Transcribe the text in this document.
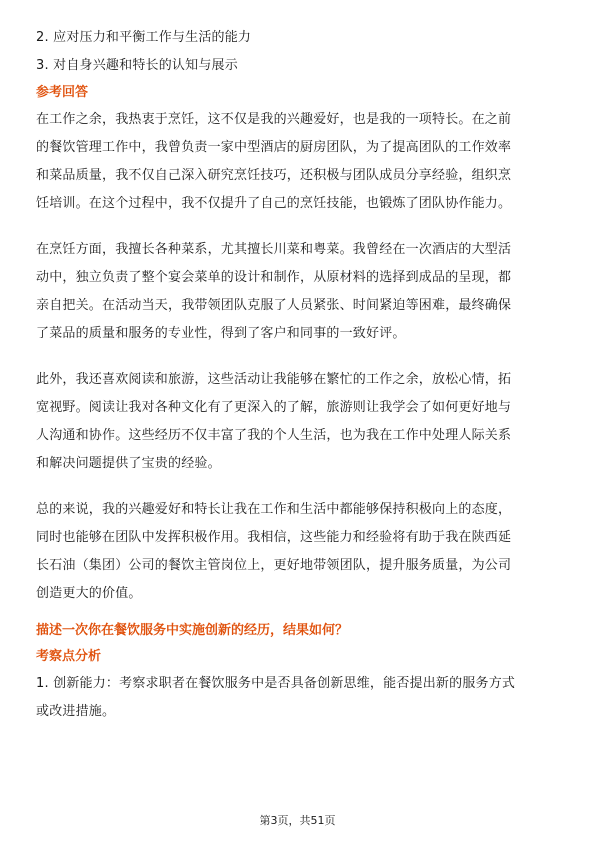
2. 应对压力和平衡工作与生活的能力
3. 对自身兴趣和特长的认知与展示
参考回答
在工作之余，我热衷于烹饪，这不仅是我的兴趣爱好，也是我的一项特长。在之前
的餐饮管理工作中，我曾负责一家中型酒店的厨房团队，为了提高团队的工作效率
和菜品质量，我不仅自己深入研究烹饪技巧，还积极与团队成员分享经验，组织烹
饪培训。在这个过程中，我不仅提升了自己的烹饪技能，也锻炼了团队协作能力。
在烹饪方面，我擅长各种菜系，尤其擅长川菜和粤菜。我曾经在一次酒店的大型活
动中，独立负责了整个宴会菜单的设计和制作，从原材料的选择到成品的呈现，都
亲自把关。在活动当天，我带领团队克服了人员紧张、时间紧迫等困难，最终确保
了菜品的质量和服务的专业性，得到了客户和同事的一致好评。
此外，我还喜欢阅读和旅游，这些活动让我能够在繁忙的工作之余，放松心情，拓
宽视野。阅读让我对各种文化有了更深入的了解，旅游则让我学会了如何更好地与
人沟通和协作。这些经历不仅丰富了我的个人生活，也为我在工作中处理人际关系
和解决问题提供了宝贵的经验。
总的来说，我的兴趣爱好和特长让我在工作和生活中都能够保持积极向上的态度，
同时也能够在团队中发挥积极作用。我相信，这些能力和经验将有助于我在陕西延
长石油（集团）公司的餐饮主管岗位上，更好地带领团队，提升服务质量，为公司
创造更大的价值。
描述一次你在餐饮服务中实施创新的经历，结果如何？
考察点分析
1. 创新能力：考察求职者在餐饮服务中是否具备创新思维，能否提出新的服务方式
或改进措施。
第3页，共51页
